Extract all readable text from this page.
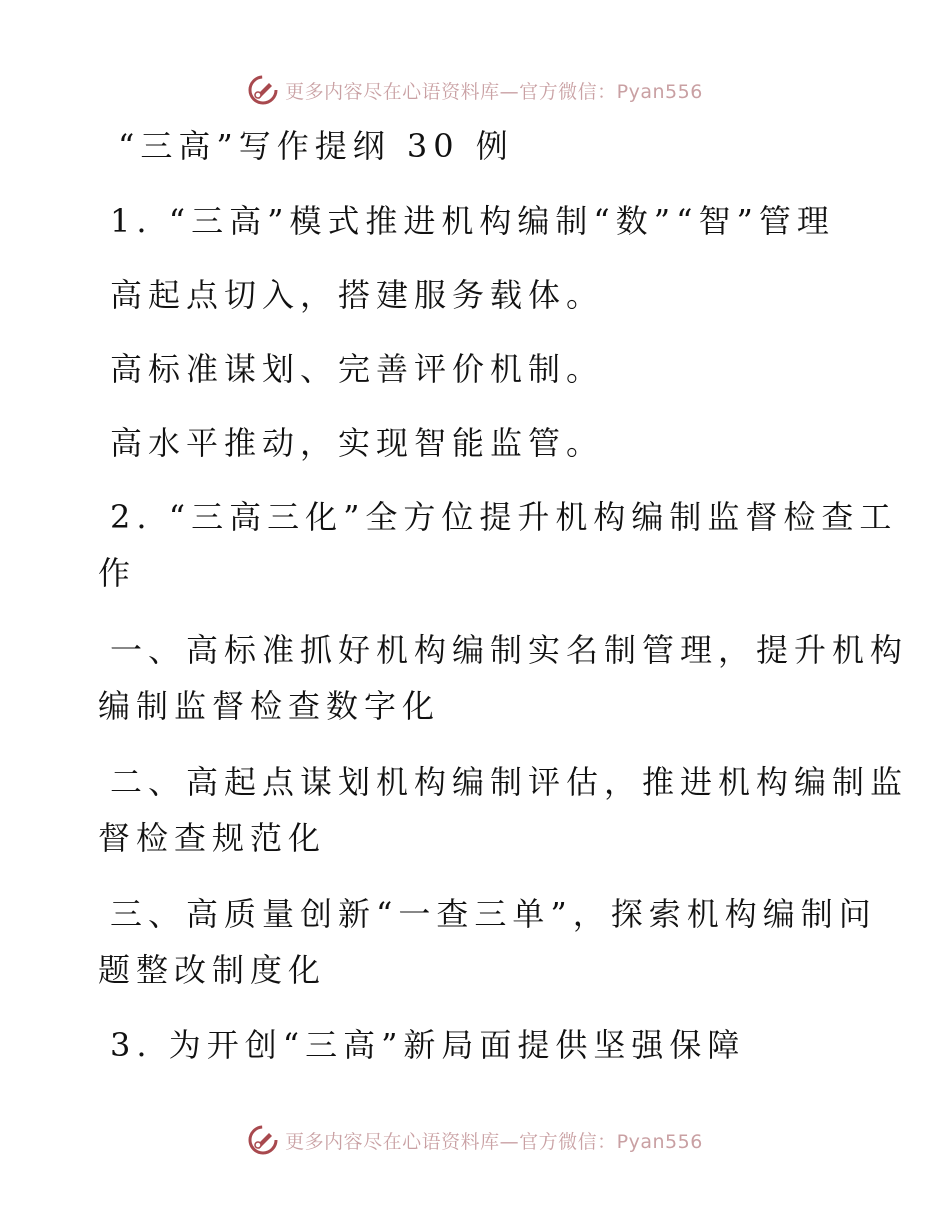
更多内容尽在心语资料库—官方微信：Pyan556
“三高”写作提纲 30 例
1. “三高”模式推进机构编制“数”“智”管理
高起点切入，搭建服务载体。
高标准谋划、完善评价机制。
高水平推动，实现智能监管。
2. “三高三化”全方位提升机构编制监督检查工
作
一、高标准抓好机构编制实名制管理，提升机构
编制监督检查数字化
二、高起点谋划机构编制评估，推进机构编制监
督检查规范化
三、高质量创新“一查三单”，探索机构编制问
题整改制度化
3. 为开创“三高”新局面提供坚强保障
更多内容尽在心语资料库—官方微信：Pyan556
